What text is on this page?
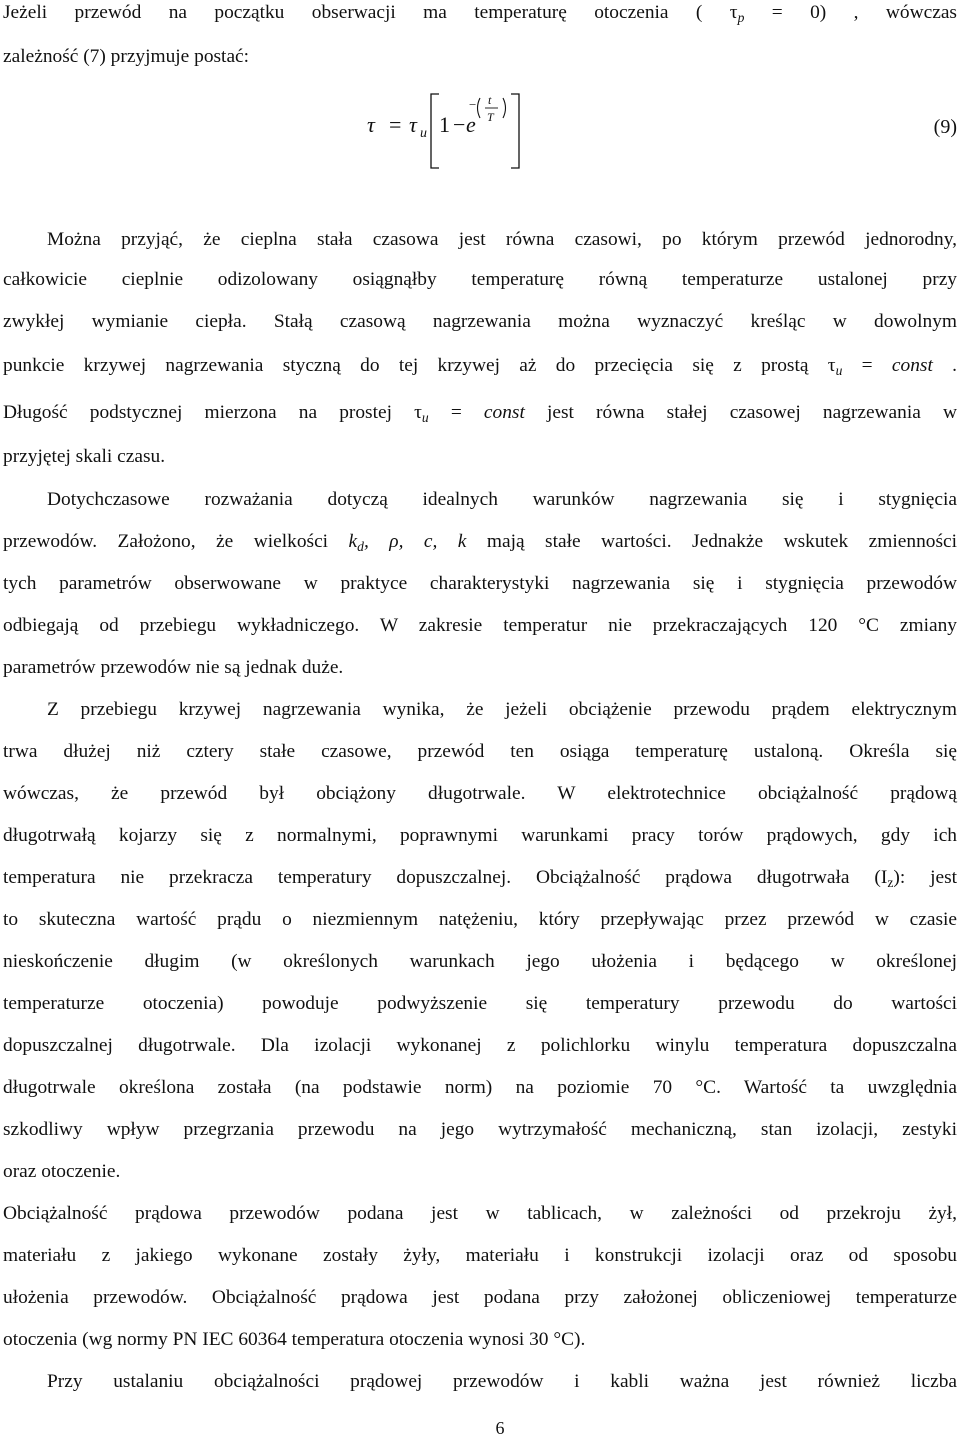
Jeżeli przewód na początku obserwacji ma temperaturę otoczenia ( $\tau_p = 0$) , wówczas
zależność (7) przyjmuje postać:
τ = τ u 1 − e
− t
T	(9)
Można przyjąć, że cieplna stała czasowa jest równa czasowi, po którym przewód jednorodny,
całkowicie cieplnie odizolowany osiągnąłby temperaturę równą temperaturze ustalonej przy
zwykłej wymianie ciepła. Stałą czasową nagrzewania można wyznaczyć kreśląc w dowolnym
punkcie krzywej nagrzewania styczną do tej krzywej aż do przecięcia się z prostą $\tau_u$ = const .
Długość podstycznej mierzona na prostej $\tau_u$ = const jest równa stałej czasowej nagrzewania w
przyjętej skali czasu.
Dotychczasowe rozważania dotyczą idealnych warunków nagrzewania się i stygnięcia
przewodów. Założono, że wielkości $k_d$, ρ, c, k mają stałe wartości. Jednakże wskutek zmienności
tych parametrów obserwowane w praktyce charakterystyki nagrzewania się i stygnięcia przewodów
odbiegają od przebiegu wykładniczego. W zakresie temperatur nie przekraczających 120 °C zmiany
parametrów przewodów nie są jednak duże.
Z przebiegu krzywej nagrzewania wynika, że jeżeli obciążenie przewodu prądem elektrycznym
trwa dłużej niż cztery stałe czasowe, przewód ten osiąga temperaturę ustaloną. Określa się
wówczas, że przewód był obciążony długotrwale. W elektrotechnice obciążalność prądową
długotrwałą kojarzy się z normalnymi, poprawnymi warunkami pracy torów prądowych, gdy ich
temperatura nie przekracza temperatury dopuszczalnej. Obciążalność prądowa długotrwała $(I_z)$: jest
to skuteczna wartość prądu o niezmiennym natężeniu, który przepływając przez przewód w czasie
nieskończenie długim (w określonych warunkach jego ułożenia i będącego w określonej
temperaturze otoczenia) powoduje podwyższenie się temperatury przewodu do wartości
dopuszczalnej długotrwale. Dla izolacji wykonanej z polichlorku winylu temperatura dopuszczalna
długotrwale określona została (na podstawie norm) na poziomie 70 °C. Wartość ta uwzględnia
szkodliwy wpływ przegrzania przewodu na jego wytrzymałość mechaniczną, stan izolacji, zestyki
oraz otoczenie.
Obciążalność prądowa przewodów podana jest w tablicach, w zależności od przekroju żył,
materiału z jakiego wykonane zostały żyły, materiału i konstrukcji izolacji oraz od sposobu
ułożenia przewodów. Obciążalność prądowa jest podana przy założonej obliczeniowej temperaturze
otoczenia (wg normy PN IEC 60364 temperatura otoczenia wynosi 30 °C).
Przy ustalaniu obciążalności prądowej przewodów i kabli ważna jest również liczba
6
